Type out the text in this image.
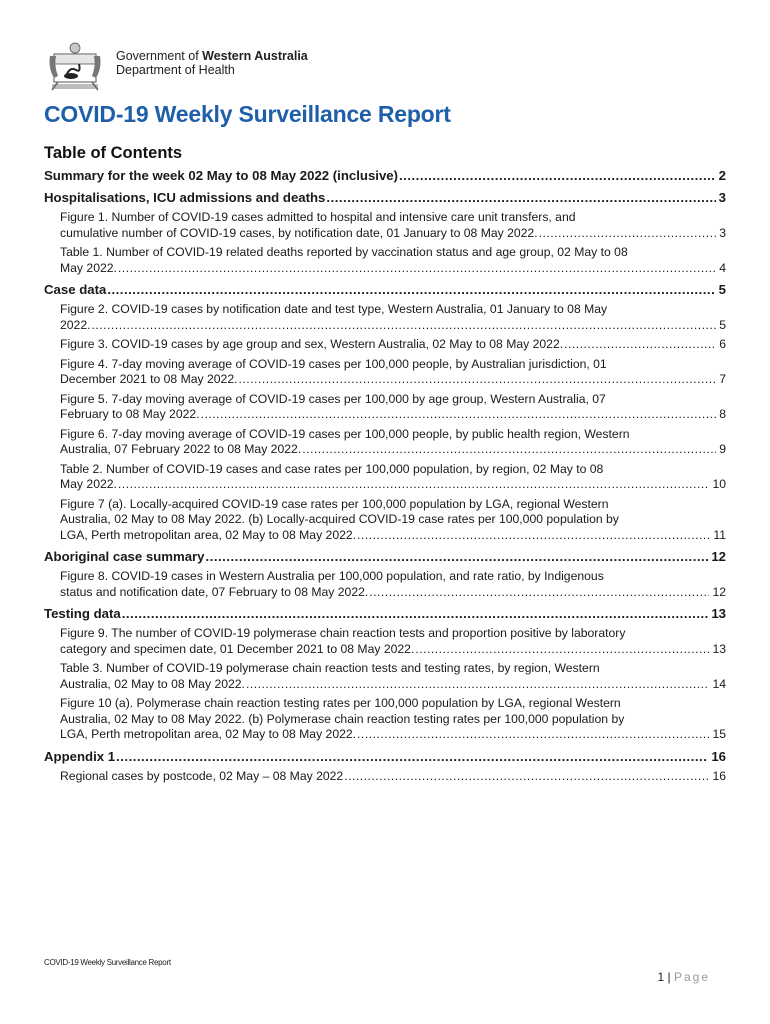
Government of Western Australia
Department of Health
COVID-19 Weekly Surveillance Report
Table of Contents
Summary for the week 02 May to 08 May 2022 (inclusive) .....	2
Hospitalisations, ICU admissions and deaths .....	3
Figure 1. Number of COVID-19 cases admitted to hospital and intensive care unit transfers, and
cumulative number of COVID-19 cases, by notification date, 01 January to 08 May 2022. .....	3
Table 1. Number of COVID-19 related deaths reported by vaccination status and age group, 02 May to 08
May 2022. .....	4
Case data .....	5
Figure 2. COVID-19 cases by notification date and test type, Western Australia, 01 January to 08 May
2022. .....	5
Figure 3. COVID-19 cases by age group and sex, Western Australia, 02 May to 08 May 2022. .....	6
Figure 4. 7-day moving average of COVID-19 cases per 100,000 people, by Australian jurisdiction, 01
December 2021 to 08 May 2022. .....	7
Figure 5. 7-day moving average of COVID-19 cases per 100,000 by age group, Western Australia, 07
February to 08 May 2022. .....	8
Figure 6. 7-day moving average of COVID-19 cases per 100,000 people, by public health region, Western
Australia, 07 February 2022 to 08 May 2022. .....	9
Table 2. Number of COVID-19 cases and case rates per 100,000 population, by region, 02 May to 08
May 2022. .....	10
Figure 7 (a). Locally-acquired COVID-19 case rates per 100,000 population by LGA, regional Western
Australia, 02 May to 08 May 2022. (b) Locally-acquired COVID-19 case rates per 100,000 population by
LGA, Perth metropolitan area, 02 May to 08 May 2022. .....	11
Aboriginal case summary .....	12
Figure 8. COVID-19 cases in Western Australia per 100,000 population, and rate ratio, by Indigenous
status and notification date, 07 February to 08 May 2022. .....	12
Testing data .....	13
Figure 9. The number of COVID-19 polymerase chain reaction tests and proportion positive by laboratory
category and specimen date, 01 December 2021 to 08 May 2022. .....	13
Table 3. Number of COVID-19 polymerase chain reaction tests and testing rates, by region, Western
Australia, 02 May to 08 May 2022. .....	14
Figure 10 (a). Polymerase chain reaction testing rates per 100,000 population by LGA, regional Western
Australia, 02 May to 08 May 2022. (b) Polymerase chain reaction testing rates per 100,000 population by
LGA, Perth metropolitan area, 02 May to 08 May 2022. .....	15
Appendix 1 .....	16
Regional cases by postcode, 02 May – 08 May 2022 .....	16
COVID-19 Weekly Surveillance Report
1 | Page
